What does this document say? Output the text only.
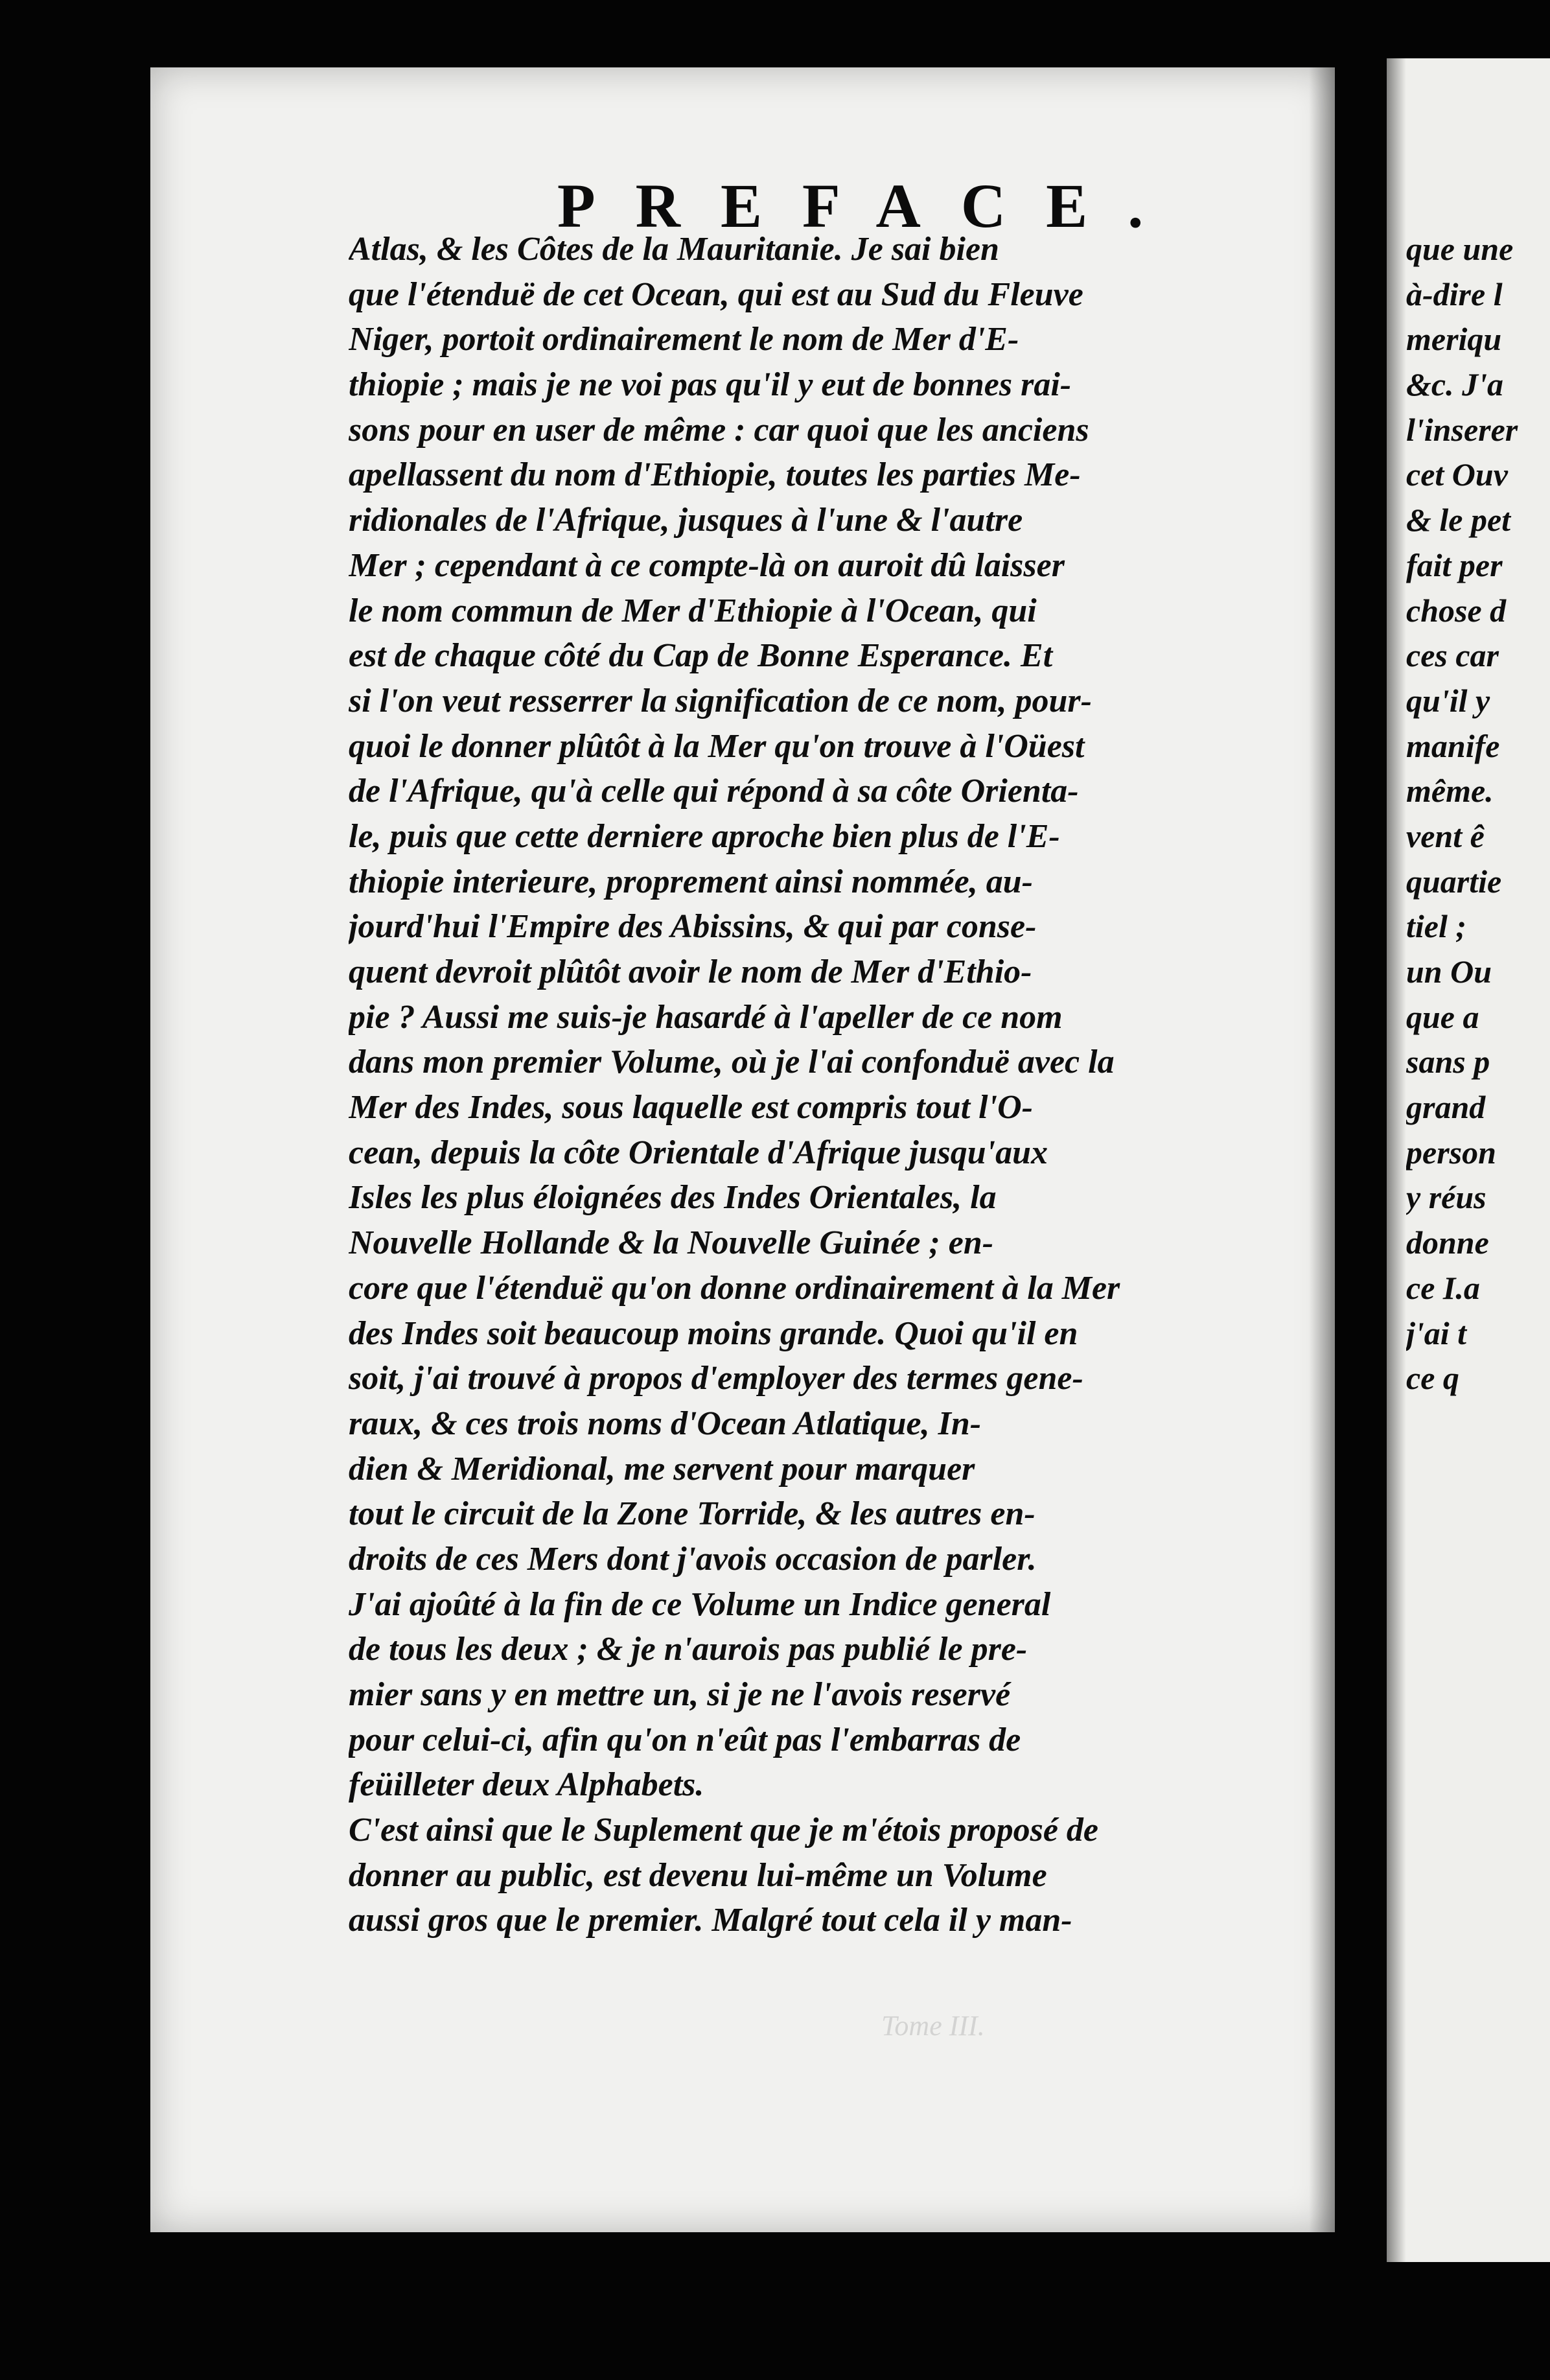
PREFACE.
Tome III.
Atlas, & les Côtes de la Mauritanie. Je sai bien
que l'étenduë de cet Ocean, qui est au Sud du Fleuve
Niger, portoit ordinairement le nom de Mer d'E-
thiopie ; mais je ne voi pas qu'il y eut de bonnes rai-
sons pour en user de même : car quoi que les anciens
apellassent du nom d'Ethiopie, toutes les parties Me-
ridionales de l'Afrique, jusques à l'une & l'autre
Mer ; cependant à ce compte-là on auroit dû laisser
le nom commun de Mer d'Ethiopie à l'Ocean, qui
est de chaque côté du Cap de Bonne Esperance. Et
si l'on veut resserrer la signification de ce nom, pour-
quoi le donner plûtôt à la Mer qu'on trouve à l'Oüest
de l'Afrique, qu'à celle qui répond à sa côte Orienta-
le, puis que cette derniere aproche bien plus de l'E-
thiopie interieure, proprement ainsi nommée, au-
jourd'hui l'Empire des Abissins, & qui par conse-
quent devroit plûtôt avoir le nom de Mer d'Ethio-
pie ? Aussi me suis-je hasardé à l'apeller de ce nom
dans mon premier Volume, où je l'ai confonduë avec la
Mer des Indes, sous laquelle est compris tout l'O-
cean, depuis la côte Orientale d'Afrique jusqu'aux
Isles les plus éloignées des Indes Orientales, la
Nouvelle Hollande & la Nouvelle Guinée ; en-
core que l'étenduë qu'on donne ordinairement à la Mer
des Indes soit beaucoup moins grande. Quoi qu'il en
soit, j'ai trouvé à propos d'employer des termes gene-
raux, & ces trois noms d'Ocean Atlatique, In-
dien & Meridional, me servent pour marquer
tout le circuit de la Zone Torride, & les autres en-
droits de ces Mers dont j'avois occasion de parler.
J'ai ajoûté à la fin de ce Volume un Indice general
de tous les deux ; & je n'aurois pas publié le pre-
mier sans y en mettre un, si je ne l'avois reservé
pour celui-ci, afin qu'on n'eût pas l'embarras de
feüilleter deux Alphabets.
C'est ainsi que le Suplement que je m'étois proposé de
donner au public, est devenu lui-même un Volume
aussi gros que le premier. Malgré tout cela il y man-
que une
à-dire l
meriqu
&c. J'a
l'inserer
cet Ouv
& le pet
fait per
chose d
ces car
qu'il y
manife
même.
vent ê
quartie
tiel ;
un Ou
que a
sans p
grand
person
y réus
donne
ce I.a
j'ai t
ce q
